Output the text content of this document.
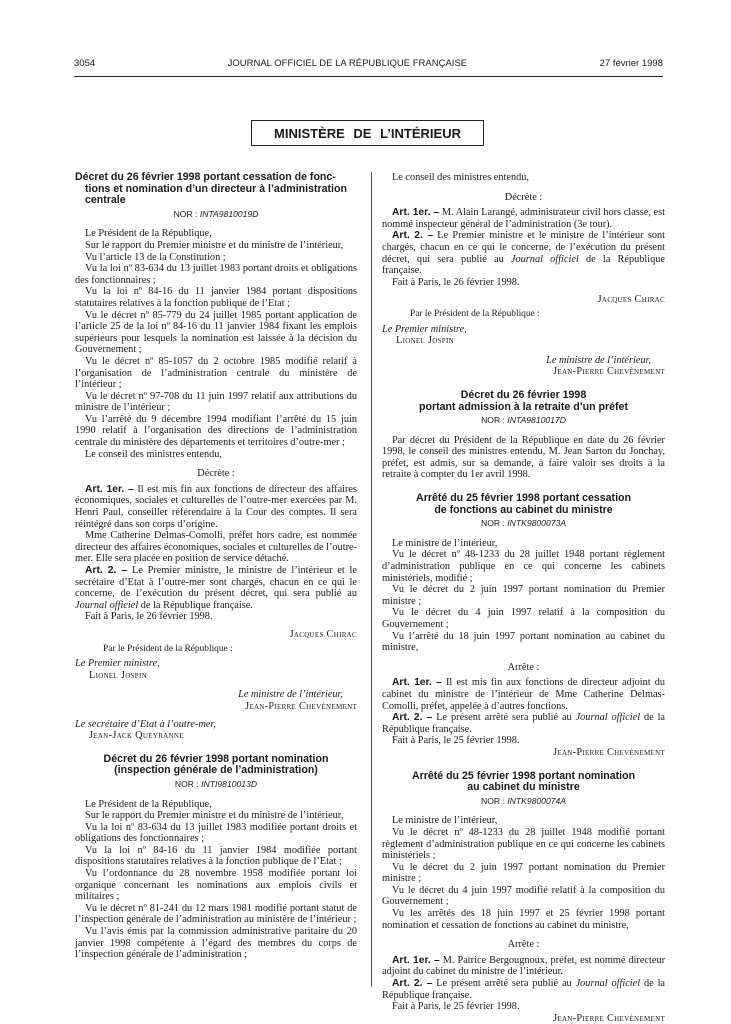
3054	JOURNAL OFFICIEL DE LA RÉPUBLIQUE FRANÇAISE	27 février 1998
MINISTÈRE DE L’INTÉRIEUR
Décret du 26 février 1998 portant cessation de fonc-
tions et nomination d’un directeur à l’administration centrale
NOR : INTA9810019D

Le Président de la République,

Sur le rapport du Premier ministre et du ministre de l’intérieur,

Vu l’article 13 de la Constitution ;

Vu la loi nº 83-634 du 13 juillet 1983 portant droits et obligations des fonctionnaires ;

Vu la loi nº 84-16 du 11 janvier 1984 portant dispositions statutaires relatives à la fonction publique de l’Etat ;

Vu le décret nº 85-779 du 24 juillet 1985 portant application de l’article 25 de la loi nº 84-16 du 11 janvier 1984 fixant les emplois supérieurs pour lesquels la nomination est laissée à la décision du Gouvernement ;

Vu le décret nº 85-1057 du 2 octobre 1985 modifié relatif à l’organisation de l’administration centrale du ministère de l’intérieur ;

Vu le décret nº 97-708 du 11 juin 1997 relatif aux attributions du ministre de l’intérieur ;

Vu l’arrêté du 9 décembre 1994 modifiant l’arrêté du 15 juin 1990 relatif à l’organisation des directions de l’administration centrale du ministère des départements et territoires d’outre-mer ;

Le conseil des ministres entendu,

Décrète :

Art. 1er. – Il est mis fin aux fonctions de directeur des affaires économiques, sociales et culturelles de l’outre-mer exercées par M. Henri Paul, conseiller référendaire à la Cour des comptes. Il sera réintégré dans son corps d’origine.

Mme Catherine Delmas-Comolli, préfet hors cadre, est nommée directeur des affaires économiques, sociales et culturelles de l’outre-mer. Elle sera placée en position de service détaché.

Art. 2. – Le Premier ministre, le ministre de l’intérieur et le secrétaire d’Etat à l’outre-mer sont chargés, chacun en ce qui le concerne, de l’exécution du présent décret, qui sera publié au Journal officiel de la République française.

Fait à Paris, le 26 février 1998.

Jacques Chirac

Par le Président de la République :

Le Premier ministre,

Lionel Jospin

Le ministre de l’intérieur,

Jean-Pierre Chevènement

Le secrétaire d’Etat à l’outre-mer,

Jean-Jack Queyranne

Décret du 26 février 1998 portant nomination
(inspection générale de l’administration)
NOR : INTI9810013D

Le Président de la République,

Sur le rapport du Premier ministre et du ministre de l’intérieur,

Vu la loi nº 83-634 du 13 juillet 1983 modifiée portant droits et obligations des fonctionnaires ;

Vu la loi nº 84-16 du 11 janvier 1984 modifiée portant dispositions statutaires relatives à la fonction publique de l’Etat ;

Vu l’ordonnance du 28 novembre 1958 modifiée portant loi organique concernant les nominations aux emplois civils et militaires ;

Vu le décret nº 81-241 du 12 mars 1981 modifié portant statut de l’inspection générale de l’administration au ministère de l’intérieur ;

Vu l’avis émis par la commission administrative paritaire du 20 janvier 1998 compétente à l’égard des membres du corps de l’inspection générale de l’administration ;

Le conseil des ministres entendu,

Décrète :

Art. 1er. – M. Alain Larangé, administrateur civil hors classe, est nommé inspecteur général de l’administration (3e tour).

Art. 2. – Le Premier ministre et le ministre de l’intérieur sont chargés, chacun en ce qui le concerne, de l’exécution du présent décret, qui sera publié au Journal officiel de la République française.

Fait à Paris, le 26 février 1998.

Jacques Chirac

Par le Président de la République :

Le Premier ministre,

Lionel Jospin

Le ministre de l’intérieur,

Jean-Pierre Chevènement

Décret du 26 février 1998
portant admission à la retraite d’un préfet
NOR : INTA9810017D

Par décret du Président de la République en date du 26 février 1998, le conseil des ministres entendu, M. Jean Sarton du Jonchay, préfet, est admis, sur sa demande, à faire valoir ses droits à la retraite à compter du 1er avril 1998.

Arrêté du 25 février 1998 portant cessation
de fonctions au cabinet du ministre
NOR : INTK9800073A

Le ministre de l’intérieur,

Vu le décret nº 48-1233 du 28 juillet 1948 portant règlement d’administration publique en ce qui concerne les cabinets ministériels, modifié ;

Vu le décret du 2 juin 1997 portant nomination du Premier ministre ;

Vu le décret du 4 juin 1997 relatif à la composition du Gouvernement ;

Vu l’arrêté du 18 juin 1997 portant nomination au cabinet du ministre,

Arrête :

Art. 1er. – Il est mis fin aux fonctions de directeur adjoint du cabinet du ministre de l’intérieur de Mme Catherine Delmas-Comolli, préfet, appelée à d’autres fonctions.

Art. 2. – Le présent arrêté sera publié au Journal officiel de la République française.

Fait à Paris, le 25 février 1998.

Jean-Pierre Chevènement

Arrêté du 25 février 1998 portant nomination
au cabinet du ministre
NOR : INTK9800074A

Le ministre de l’intérieur,

Vu le décret nº 48-1233 du 28 juillet 1948 modifié portant règlement d’administration publique en ce qui concerne les cabinets ministériels ;

Vu le décret du 2 juin 1997 portant nomination du Premier ministre ;

Vu le décret du 4 juin 1997 modifié relatif à la composition du Gouvernement ;

Vu les arrêtés des 18 juin 1997 et 25 février 1998 portant nomination et cessation de fonctions au cabinet du ministre,

Arrête :

Art. 1er. – M. Patrice Bergougnoux, préfet, est nommé directeur adjoint du cabinet du ministre de l’intérieur.

Art. 2. – Le présent arrêté sera publié au Journal officiel de la République française.

Fait à Paris, le 25 février 1998.

Jean-Pierre Chevènement
